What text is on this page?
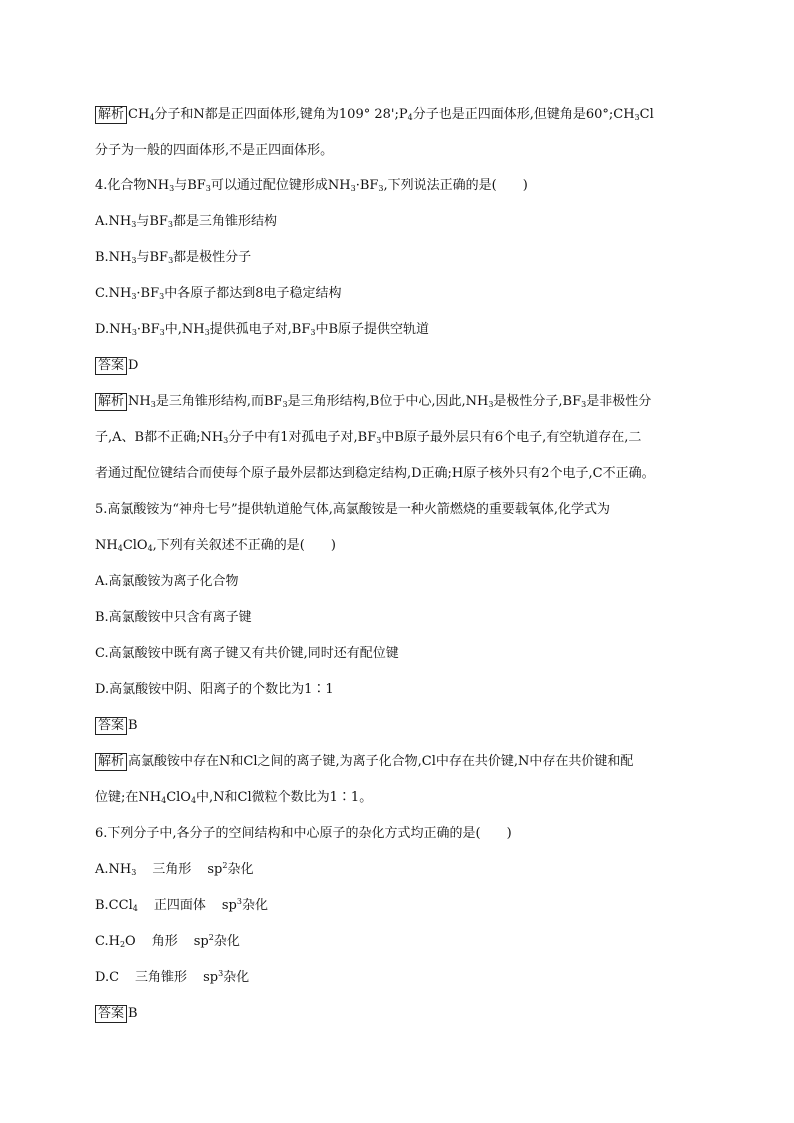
解析 $CH_4$分子和N都是正四面体形,键角为109° $28';P_4$分子也是正四面体形,但键角是$60^\circ;CH_3Cl$
分子为一般的四面体形,不是正四面体形。
4.化合物$NH_3$与$BF_3$可以通过配位键形成$NH_3\cdot BF_3$,下列说法正确的是(　　)
$A.NH_3$与$BF_3$都是三角锥形结构
$B.NH_3$与$BF_3$都是极性分子
$C.NH_3\cdot BF_3$中各原子都达到8电子稳定结构
$D.NH_3\cdot BF_3$中$,NH_3$提供孤电子对$,BF_3$中B原子提供空轨道
答案 D
解析 $NH_3$是三角锥形结构,而$BF_3$是三角形结构,B位于中心,因此$,NH_3$是极性分子$,BF_3$是非极性分
子,A、B都不正确$;NH_3$分子中有1对孤电子对$,BF_3$中B原子最外层只有6个电子,有空轨道存在,二
者通过配位键结合而使每个原子最外层都达到稳定结构,D正确;H原子核外只有2个电子,C不正确。
5.高氯酸铵为“神舟七号”提供轨道舱气体,高氯酸铵是一种火箭燃烧的重要载氧体,化学式为
$NH_4ClO_4$,下列有关叙述不正确的是(　　)
A.高氯酸铵为离子化合物
B.高氯酸铵中只含有离子键
C.高氯酸铵中既有离子键又有共价键,同时还有配位键
D.高氯酸铵中阴、阳离子的个数比为1∶1
答案 B
解析 高氯酸铵中存在N和Cl之间的离子键,为离子化合物,Cl中存在共价键,N中存在共价键和配
位键;在$NH_4ClO_4$中,N和Cl微粒个数比为1∶1。
6.下列分子中,各分子的空间结构和中心原子的杂化方式均正确的是(　　)
$A.NH_3$ 三角形 $sp^2$杂化
B.CCl$_4$ 正四面体 $sp^3$杂化
$C.H_2O$ 角形 $sp^2$杂化
D.C 三角锥形 $sp^3$杂化
答案 B
